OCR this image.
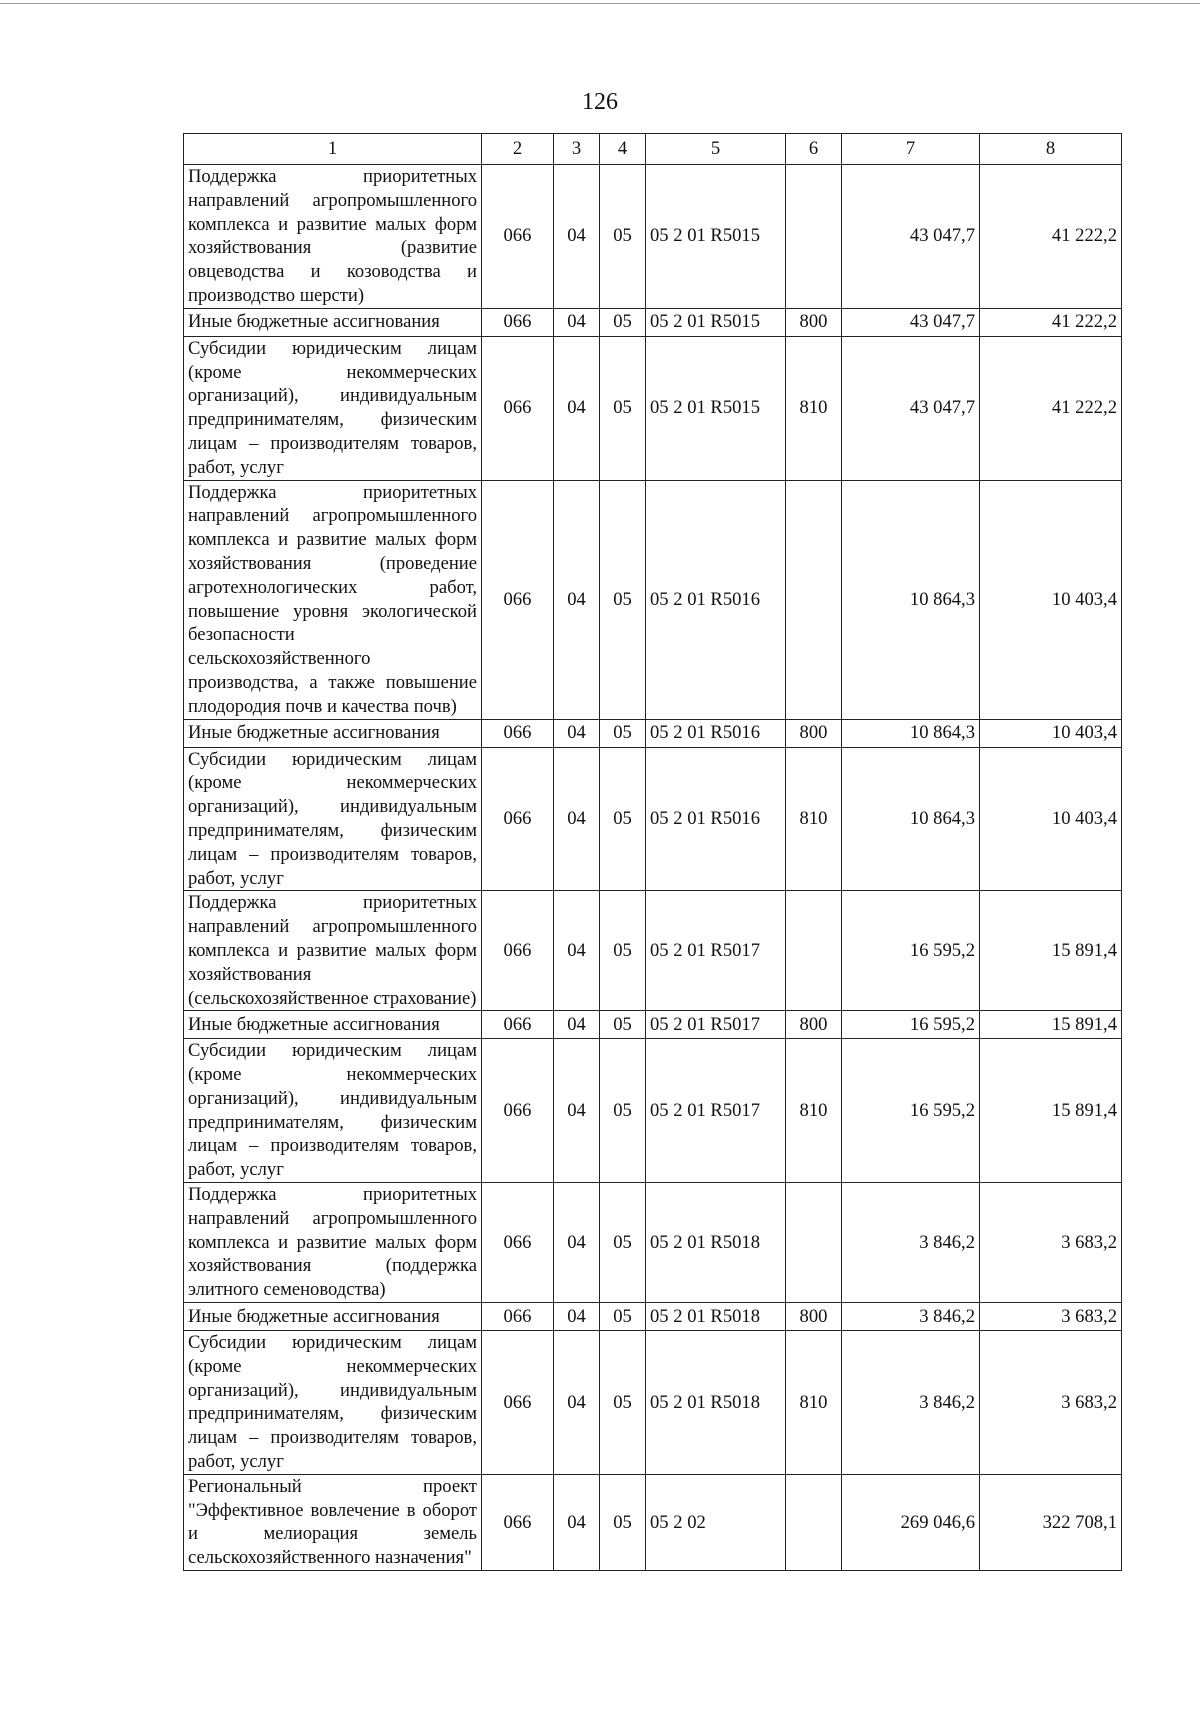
126
1	2	3	4	5	6	7	8
Поддержка приоритетных направлений агропромышленного комплекса и развитие малых форм хозяйствования (развитие овцеводства и козоводства и производство шерсти)	066	04	05	05 2 01 R5015		43 047,7	41 222,2
Иные бюджетные ассигнования	066	04	05	05 2 01 R5015	800	43 047,7	41 222,2
Субсидии юридическим лицам (кроме некоммерческих организаций), индивидуальным предпринимателям, физическим лицам – производителям товаров, работ, услуг	066	04	05	05 2 01 R5015	810	43 047,7	41 222,2
Поддержка приоритетных направлений агропромышленного комплекса и развитие малых форм хозяйствования (проведение агротехнологических работ, повышение уровня экологической безопасности сельскохозяйственного производства, а также повышение плодородия почв и качества почв)	066	04	05	05 2 01 R5016		10 864,3	10 403,4
Иные бюджетные ассигнования	066	04	05	05 2 01 R5016	800	10 864,3	10 403,4
Субсидии юридическим лицам (кроме некоммерческих организаций), индивидуальным предпринимателям, физическим лицам – производителям товаров, работ, услуг	066	04	05	05 2 01 R5016	810	10 864,3	10 403,4
Поддержка приоритетных направлений агропромышленного комплекса и развитие малых форм хозяйствования (сельскохозяйственное страхование)	066	04	05	05 2 01 R5017		16 595,2	15 891,4
Иные бюджетные ассигнования	066	04	05	05 2 01 R5017	800	16 595,2	15 891,4
Субсидии юридическим лицам (кроме некоммерческих организаций), индивидуальным предпринимателям, физическим лицам – производителям товаров, работ, услуг	066	04	05	05 2 01 R5017	810	16 595,2	15 891,4
Поддержка приоритетных направлений агропромышленного комплекса и развитие малых форм хозяйствования (поддержка элитного семеноводства)	066	04	05	05 2 01 R5018		3 846,2	3 683,2
Иные бюджетные ассигнования	066	04	05	05 2 01 R5018	800	3 846,2	3 683,2
Субсидии юридическим лицам (кроме некоммерческих организаций), индивидуальным предпринимателям, физическим лицам – производителям товаров, работ, услуг	066	04	05	05 2 01 R5018	810	3 846,2	3 683,2
Региональный проект "Эффективное вовлечение в оборот и мелиорация земель сельскохозяйственного назначения"	066	04	05	05 2 02		269 046,6	322 708,1
